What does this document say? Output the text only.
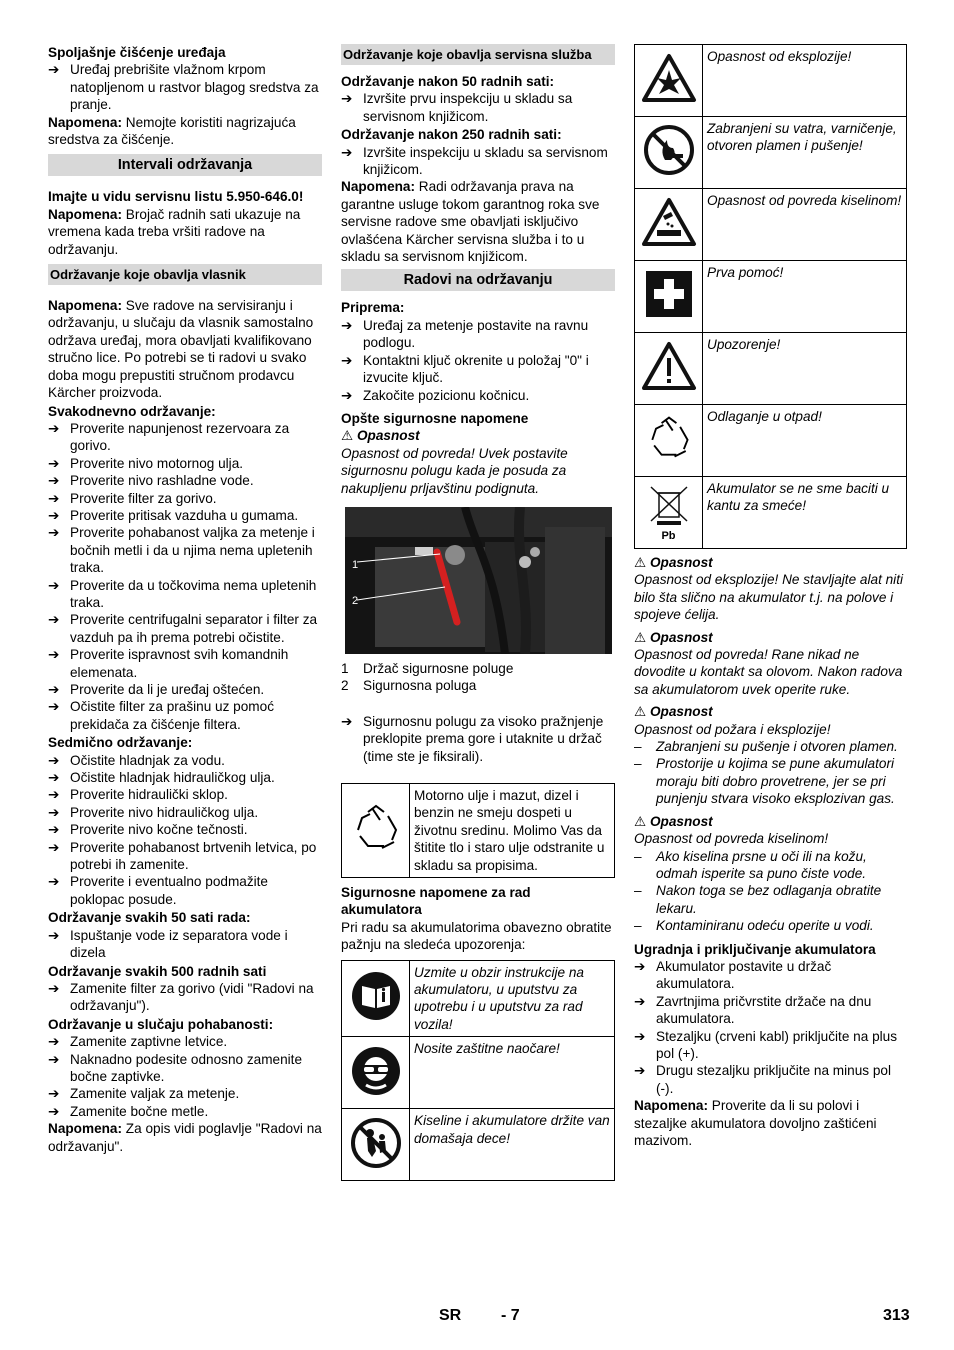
Spoljašnje čišćenje uređaja

➔ Uređaj prebrišite vlažnom krpom natopljenom u rastvor blagog sredstva za pranje.

Napomena: Nemojte koristiti nagrizajuća sredstva za čišćenje.

Intervali održavanja

Imajte u vidu servisnu listu 5.950-646.0!

Napomena: Brojač radnih sati ukazuje na vremena kada treba vršiti radove na održavanju.

Održavanje koje obavlja vlasnik

Napomena: Sve radove na servisiranju i održavanju, u slučaju da vlasnik samostalno održava uređaj, mora obavljati kvalifikovano stručno lice. Po potrebi se ti radovi u svako doba mogu prepustiti stručnom prodavcu Kärcher proizvoda.

Svakodnevno održavanje:

➔ Proverite napunjenost rezervoara za gorivo.
➔ Proverite nivo motornog ulja.
➔ Proverite nivo rashladne vode.
➔ Proverite filter za gorivo.
➔ Proverite pritisak vazduha u gumama.
➔ Proverite pohabanost valjka za metenje i bočnih metli i da u njima nema upletenih traka.
➔ Proverite da u točkovima nema upletenih traka.
➔ Proverite centrifugalni separator i filter za vazduh pa ih prema potrebi očistite.
➔ Proverite ispravnost svih komandnih elemenata.
➔ Proverite da li je uređaj oštećen.
➔ Očistite filter za prašinu uz pomoć prekidača za čišćenje filtera.

Sedmično održavanje:

➔ Očistite hladnjak za vodu.
➔ Očistite hladnjak hidrauličkog ulja.
➔ Proverite hidraulički sklop.
➔ Proverite nivo hidrauličkog ulja.
➔ Proverite nivo kočne tečnosti.
➔ Proverite pohabanost brtvenih letvica, po potrebi ih zamenite.
➔ Proverite i eventualno podmažite poklopac posude.

Održavanje svakih 50 sati rada:

➔ Ispuštanje vode iz separatora vode i dizela

Održavanje svakih 500 radnih sati

➔ Zamenite filter za gorivo (vidi "Radovi na održavanju").

Održavanje u slučaju pohabanosti:

➔ Zamenite zaptivne letvice.
➔ Naknadno podesite odnosno zamenite bočne zaptivke.
➔ Zamenite valjak za metenje.
➔ Zamenite bočne metle.

Napomena: Za opis vidi poglavlje "Radovi na održavanju".

Održavanje koje obavlja servisna služba

Održavanje nakon 50 radnih sati:

➔ Izvršite prvu inspekciju u skladu sa servisnom knjižicom.

Održavanje nakon 250 radnih sati:

➔ Izvršite inspekciju u skladu sa servisnom knjižicom.

Napomena: Radi održavanja prava na garantne usluge tokom garantnog roka sve servisne radove sme obavljati isključivo ovlašćena Kärcher servisna služba i to u skladu sa servisnom knjižicom.

Radovi na održavanju

Priprema:

➔ Uređaj za metenje postavite na ravnu podlogu.
➔ Kontaktni ključ okrenite u položaj "0" i izvucite ključ.
➔ Zakočite pozicionu kočnicu.

Opšte sigurnosne napomene

⚠ Opasnost

Opasnost od povreda! Uvek postavite sigurnosnu polugu kada je posuda za nakupljenu prljavštinu podignuta.

1
2
1 Držač sigurnosne poluge
2 Sigurnosna poluga
➔ Sigurnosnu polugu za visoko pražnjenje preklopite prema gore i utaknite u držač (time ste je fiksirali).
	Motorno ulje i mazut, dizel i benzin ne smeju dospeti u životnu sredinu. Molimo Vas da štitite tlo i staro ulje odstranite u skladu sa propisima.

Sigurnosne napomene za rad akumulatora

Pri radu sa akumulatorima obavezno obratite pažnju na sledeća upozorenja:

	Uzmite u obzir instrukcije na akumulatoru, u uputstvu za upotrebu i u uputstvu za rad vozila!
	Nosite zaštitne naočare!
	Kiseline i akumulatore držite van domašaja dece!
	Opasnost od eksplozije!
	Zabranjeni su vatra, varničenje, otvoren plamen i pušenje!
	Opasnost od povreda kiselinom!
	Prva pomoć!
	Upozorenje!
	Odlaganje u otpad!

Pb	Akumulator se ne sme baciti u kantu za smeće!

⚠ Opasnost

Opasnost od eksplozije! Ne stavljajte alat niti bilo šta slično na akumulator t.j. na polove i spojeve ćelija.

⚠ Opasnost

Opasnost od povreda! Rane nikad ne dovodite u kontakt sa olovom. Nakon radova sa akumulatorom uvek operite ruke.

⚠ Opasnost

Opasnost od požara i eksplozije!

– Zabranjeni su pušenje i otvoren plamen.
– Prostorije u kojima se pune akumulatori moraju biti dobro provetrene, jer se pri punjenju stvara visoko eksplozivan gas.

⚠ Opasnost

Opasnost od povreda kiselinom!

– Ako kiselina prsne u oči ili na kožu, odmah isperite sa puno čiste vode.
– Nakon toga se bez odlaganja obratite lekaru.
– Kontaminiranu odeću operite u vodi.

Ugradnja i priključivanje akumulatora

➔ Akumulator postavite u držač akumulatora.
➔ Zavrtnjima pričvrstite držače na dnu akumulatora.
➔ Stezaljku (crveni kabl) priključite na plus pol (+).
➔ Drugu stezaljku priključite na minus pol (-).

Napomena: Proverite da li su polovi i stezaljke akumulatora dovoljno zaštićeni mazivom.

SR - 7	313
